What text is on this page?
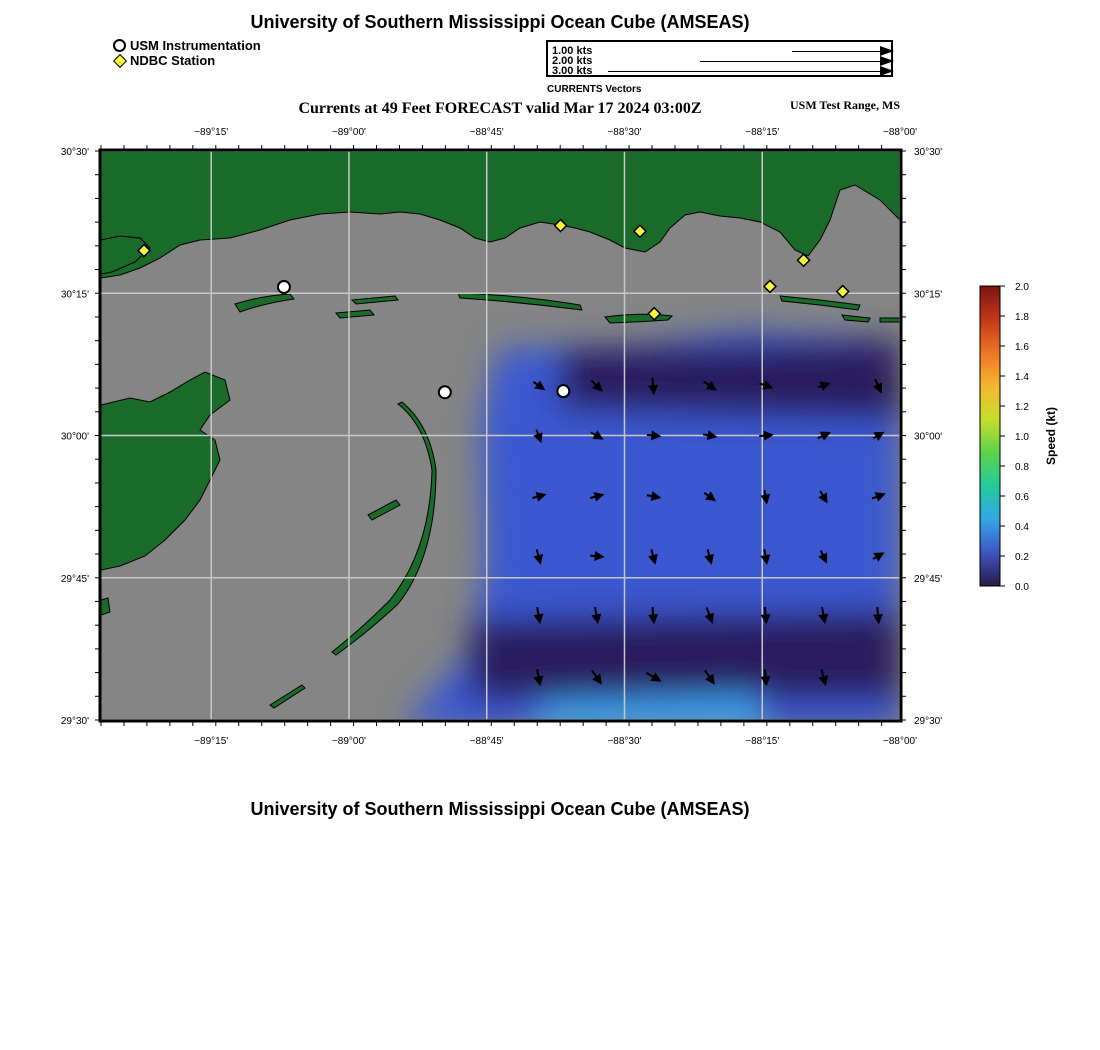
University of Southern Mississippi Ocean Cube (AMSEAS)
USM Instrumentation
NDBC Station
1.00 kts
2.00 kts
3.00 kts
CURRENTS Vectors
Currents at 49 Feet FORECAST valid Mar 17 2024 03:00Z	USM Test Range, MS
−89°15'
−89°15'
−89°00'
−89°00'
−88°45'
−88°45'
−88°30'
−88°30'
−88°15'
−88°15'
−88°00'
−88°00'
30°30'	30°30'
30°15'	30°15'
30°00'	30°00'
29°45'	29°45'
29°30'	29°30'
2.0
1.8
1.6
1.4
1.2
1.0
0.8
0.6
0.4
0.2
0.0
Speed (kt)
University of Southern Mississippi Ocean Cube (AMSEAS)
